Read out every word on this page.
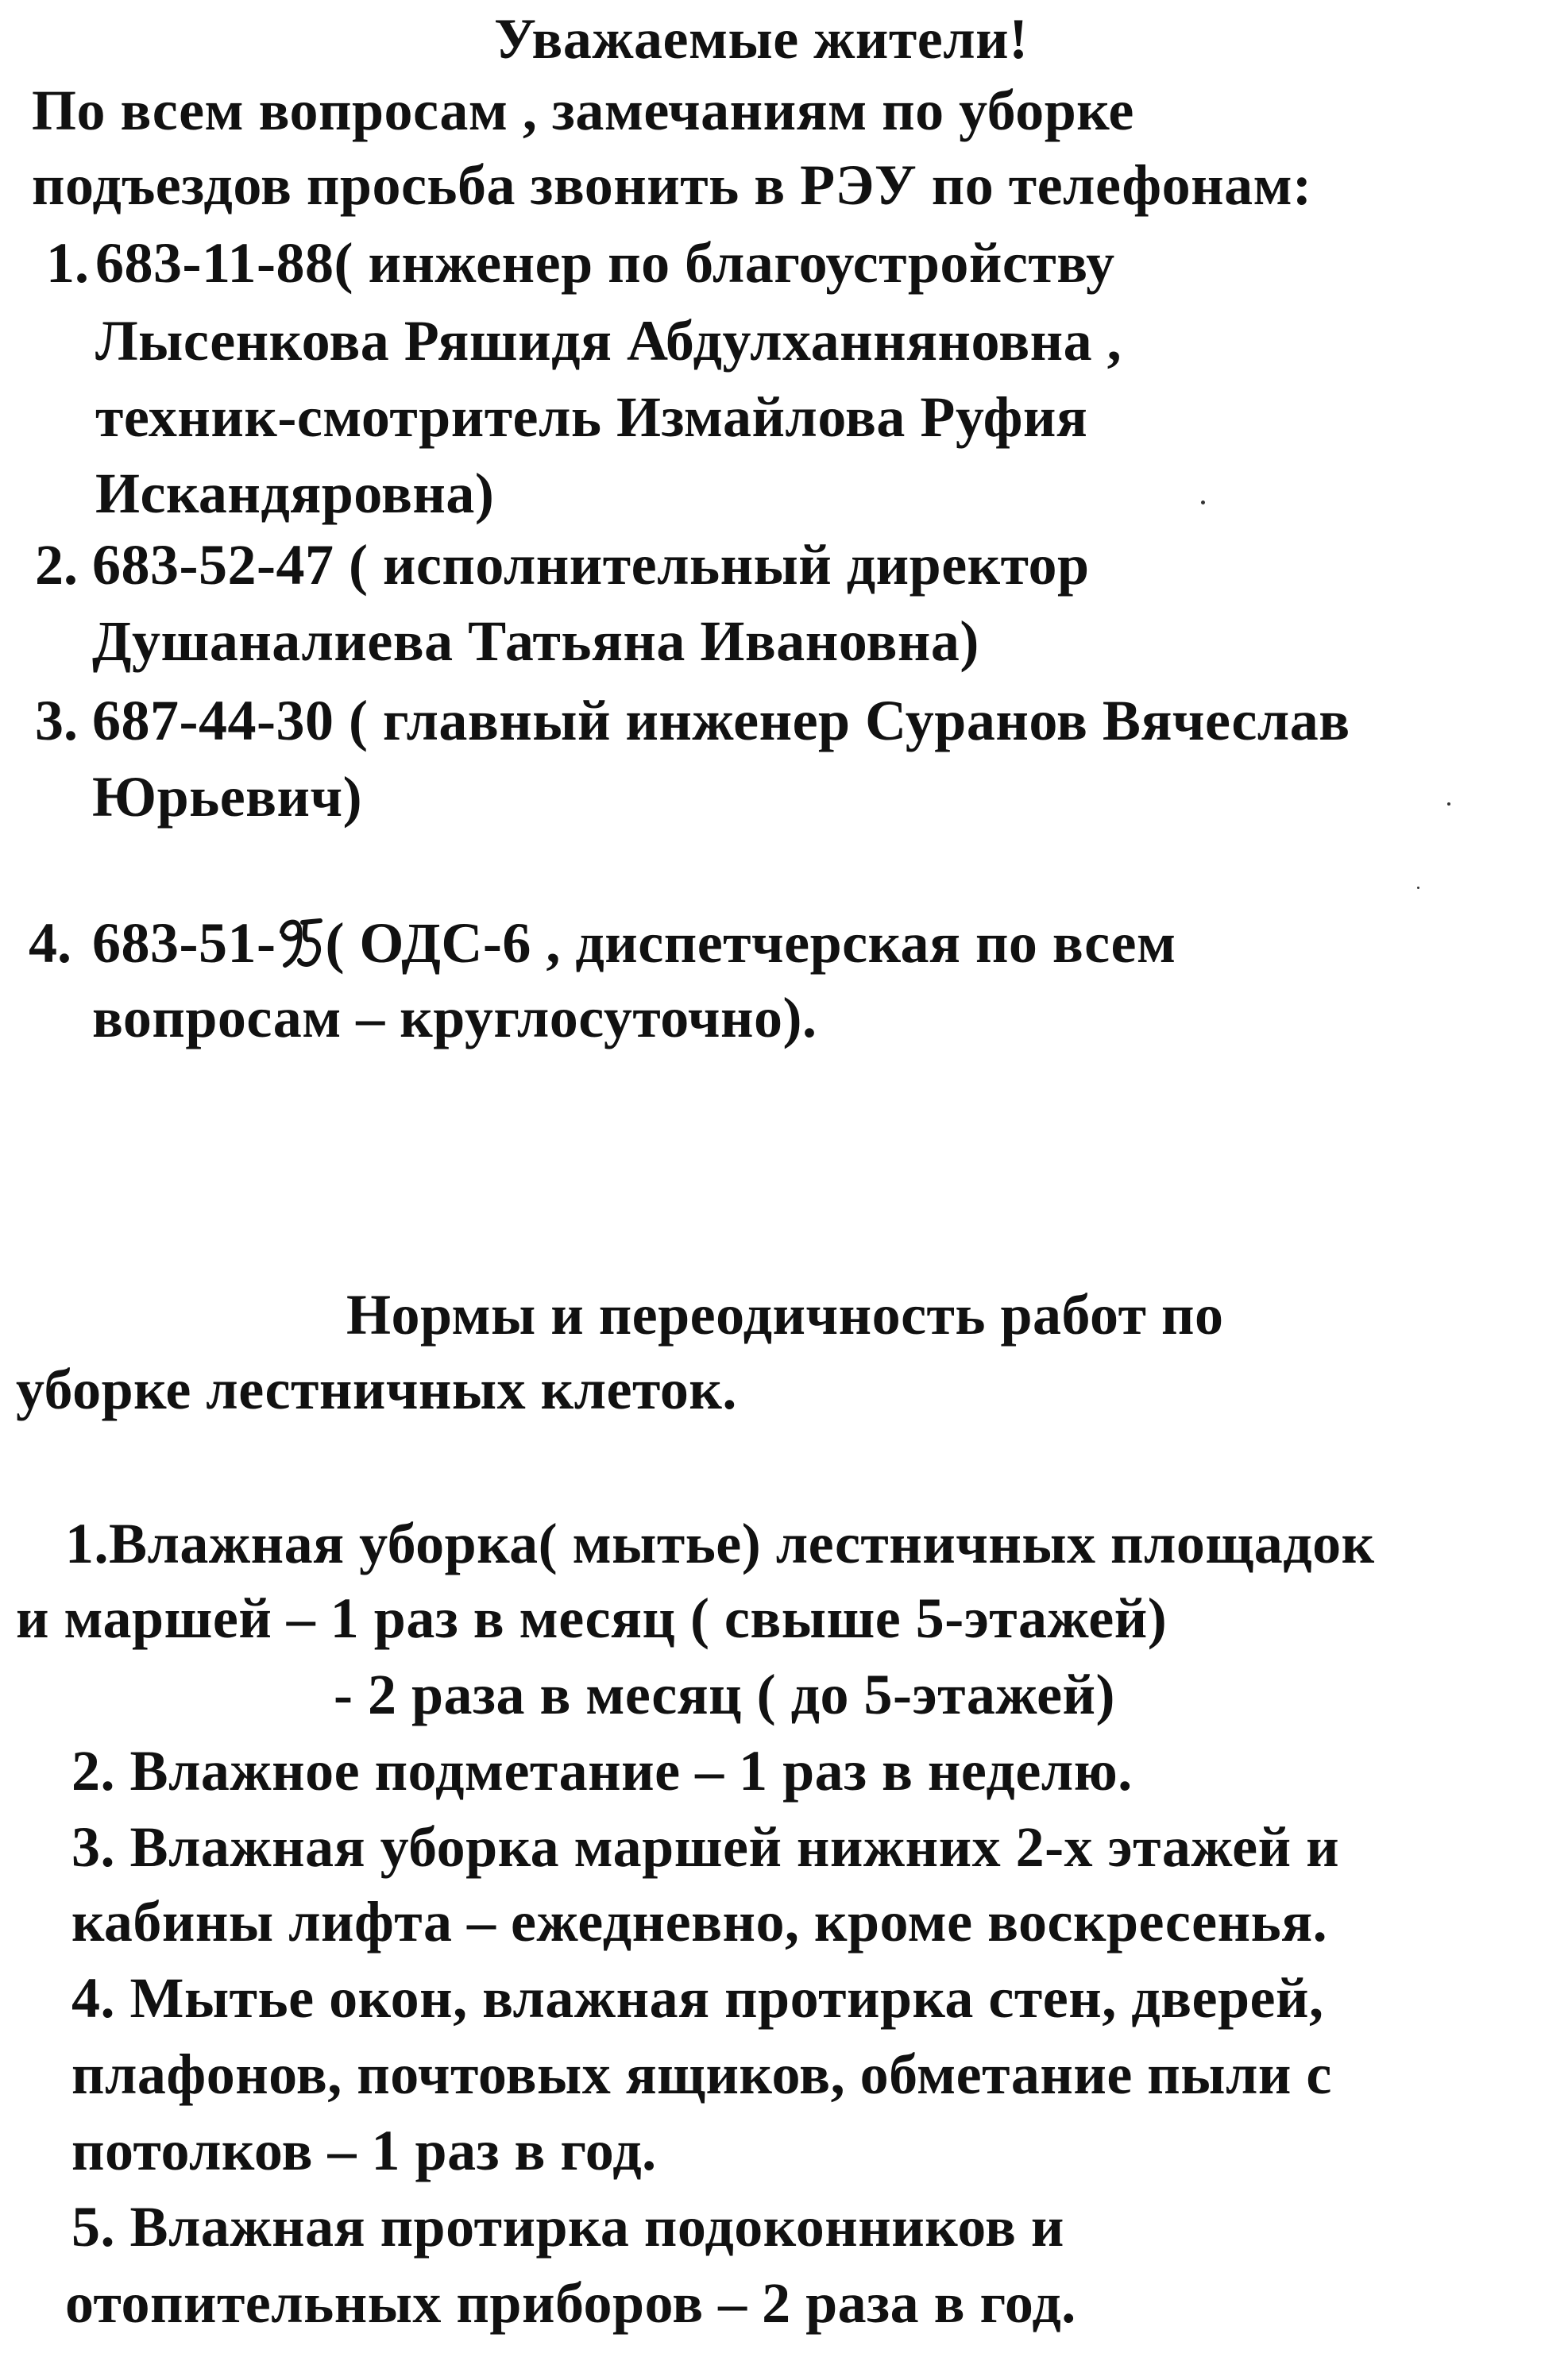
Уважаемые жители!
По всем вопросам , замечаниям по уборке
подъездов просьба звонить в РЭУ по телефонам:
1. 683-11-88( инженер по благоустройству
Лысенкова Ряшидя Абдулханняновна ,
техник-смотритель Измайлова Руфия
Искандяровна)
2. 683-52-47 ( исполнительный директор
Душаналиева Татьяна Ивановна)
3. 687-44-30 ( главный инженер Суранов Вячеслав
Юрьевич)
4. 683-51- ( ОДС-6 , диспетчерская по всем
вопросам – круглосуточно).
Нормы и переодичность работ по
уборке лестничных клеток.
1.Влажная уборка( мытье) лестничных площадок
и маршей – 1 раз в месяц ( свыше 5-этажей)
- 2 раза в месяц ( до 5-этажей)
2. Влажное подметание – 1 раз в неделю.
3. Влажная уборка маршей нижних 2-х этажей и
кабины лифта – ежедневно, кроме воскресенья.
4. Мытье окон, влажная протирка стен, дверей,
плафонов, почтовых ящиков, обметание пыли с
потолков – 1 раз в год.
5. Влажная протирка подоконников и
отопительных приборов – 2 раза в год.
